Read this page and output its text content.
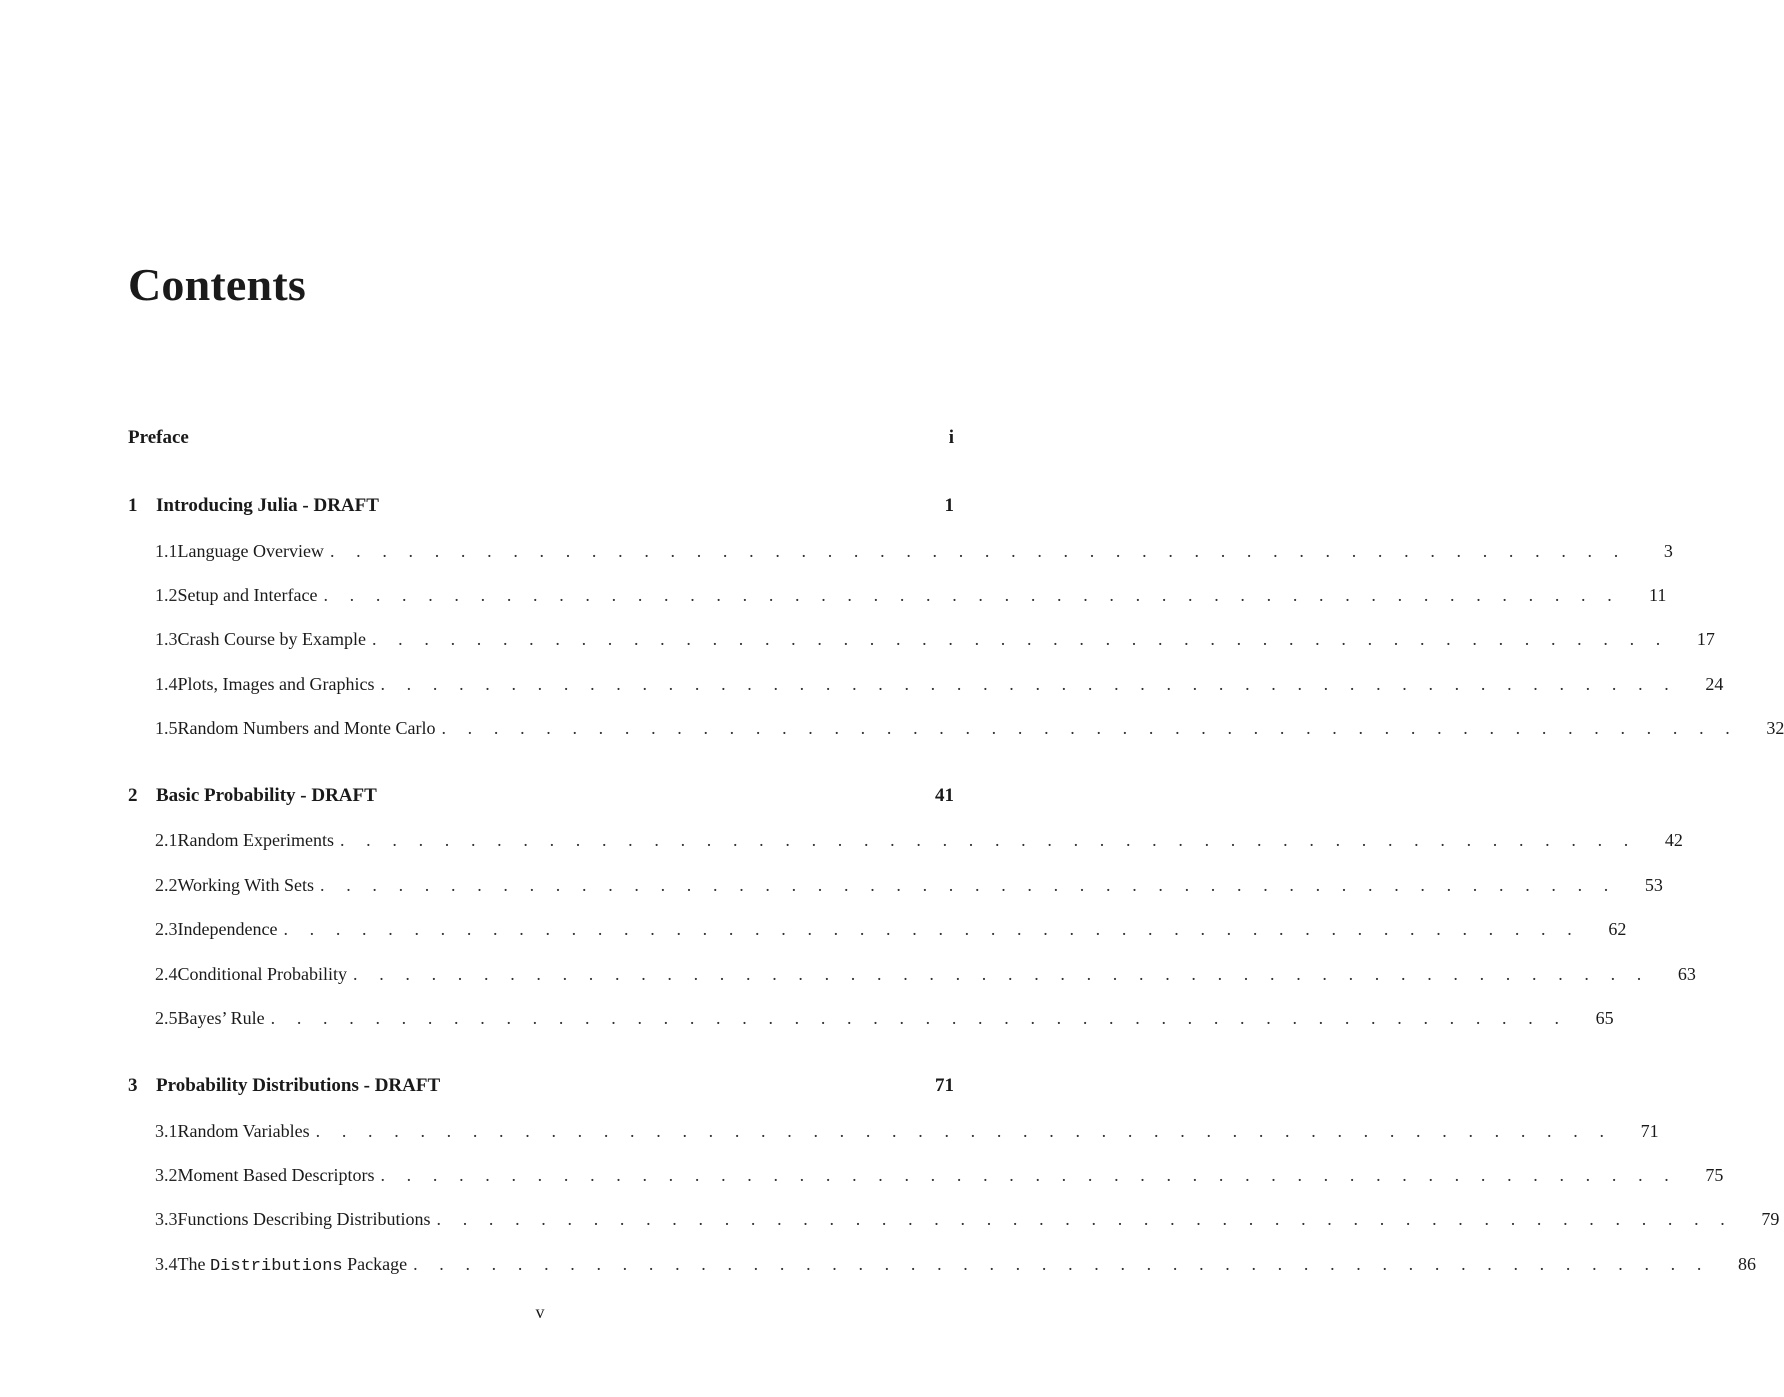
Contents
Preface	i
1 Introducing Julia - DRAFT	1
1.1 Language Overview . . . . . . . . . . . . . . . . . . . . . . . . . . . . . . . . . . . . . . . . . . . . . . . . . .	3
1.2 Setup and Interface . . . . . . . . . . . . . . . . . . . . . . . . . . . . . . . . . . . . . . . . . . . . . . . . . .	11
1.3 Crash Course by Example . . . . . . . . . . . . . . . . . . . . . . . . . . . . . . . . . . . . . . . . . . . . . . . . . .	17
1.4 Plots, Images and Graphics . . . . . . . . . . . . . . . . . . . . . . . . . . . . . . . . . . . . . . . . . . . . . . . . . .	24
1.5 Random Numbers and Monte Carlo . . . . . . . . . . . . . . . . . . . . . . . . . . . . . . . . . . . . . . . . . . . . . . . . . .	32
2 Basic Probability - DRAFT	41
2.1 Random Experiments . . . . . . . . . . . . . . . . . . . . . . . . . . . . . . . . . . . . . . . . . . . . . . . . . .	42
2.2 Working With Sets . . . . . . . . . . . . . . . . . . . . . . . . . . . . . . . . . . . . . . . . . . . . . . . . . .	53
2.3 Independence . . . . . . . . . . . . . . . . . . . . . . . . . . . . . . . . . . . . . . . . . . . . . . . . . .	62
2.4 Conditional Probability . . . . . . . . . . . . . . . . . . . . . . . . . . . . . . . . . . . . . . . . . . . . . . . . . .	63
2.5 Bayes’ Rule . . . . . . . . . . . . . . . . . . . . . . . . . . . . . . . . . . . . . . . . . . . . . . . . . .	65
3 Probability Distributions - DRAFT	71
3.1 Random Variables . . . . . . . . . . . . . . . . . . . . . . . . . . . . . . . . . . . . . . . . . . . . . . . . . .	71
3.2 Moment Based Descriptors . . . . . . . . . . . . . . . . . . . . . . . . . . . . . . . . . . . . . . . . . . . . . . . . . .	75
3.3 Functions Describing Distributions . . . . . . . . . . . . . . . . . . . . . . . . . . . . . . . . . . . . . . . . . . . . . . . . . .	79
3.4 The Distributions Package . . . . . . . . . . . . . . . . . . . . . . . . . . . . . . . . . . . . . . . . . . . . . . . . . .	86
v
